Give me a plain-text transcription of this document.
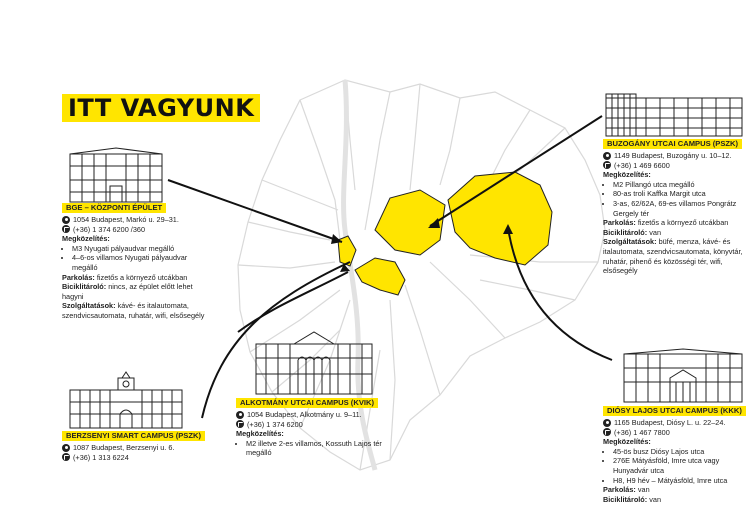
ITT VAGYUNK
BGE – KÖZPONTI ÉPÜLET
1054 Budapest, Markó u. 29–31.
(+36) 1 374 6200 /360
Megközelítés:
• M3 Nyugati pályaudvar megálló
• 4–6-os villamos Nyugati pályaudvar megálló
Parkolás: fizetős a környező utcákban
Biciklitároló: nincs, az épület előtt lehet hagyni
Szolgáltatások: kávé- és italautomata, szendvicsautomata, ruhatár, wifi, elsősegély
BUZOGÁNY UTCAI CAMPUS (PSZK)
1149 Budapest, Buzogány u. 10–12.
(+36) 1 469 6600
Megközelítés:
• M2 Pillangó utca megálló
• 80-as troli Kaffka Margit utca
• 3-as, 62/62A, 69-es villamos Pongrátz Gergely tér
Parkolás: fizetős a környező utcákban
Biciklitároló: van
Szolgáltatások: büfé, menza, kávé- és italautomata, szendvicsautomata, könyvtár, ruhatár, pihenő és közösségi tér, wifi, elsősegély
ALKOTMÁNY UTCAI CAMPUS (KVIK)
1054 Budapest, Alkotmány u. 9–11.
(+36) 1 374 6200
Megközelítés:
• M2 illetve 2-es villamos, Kossuth Lajos tér megálló
BERZSENYI SMART CAMPUS (PSZK)
1087 Budapest, Berzsenyi u. 6.
(+36) 1 313 6224
DIÓSY LAJOS UTCAI CAMPUS (KKK)
1165 Budapest, Diósy L. u. 22–24.
(+36) 1 467 7800
Megközelítés:
• 45-ös busz Diósy Lajos utca
• 276E Mátyásföld, Imre utca vagy Hunyadvár utca
• H8, H9 hév – Mátyásföld, Imre utca
Parkolás: van
Biciklitároló: van
